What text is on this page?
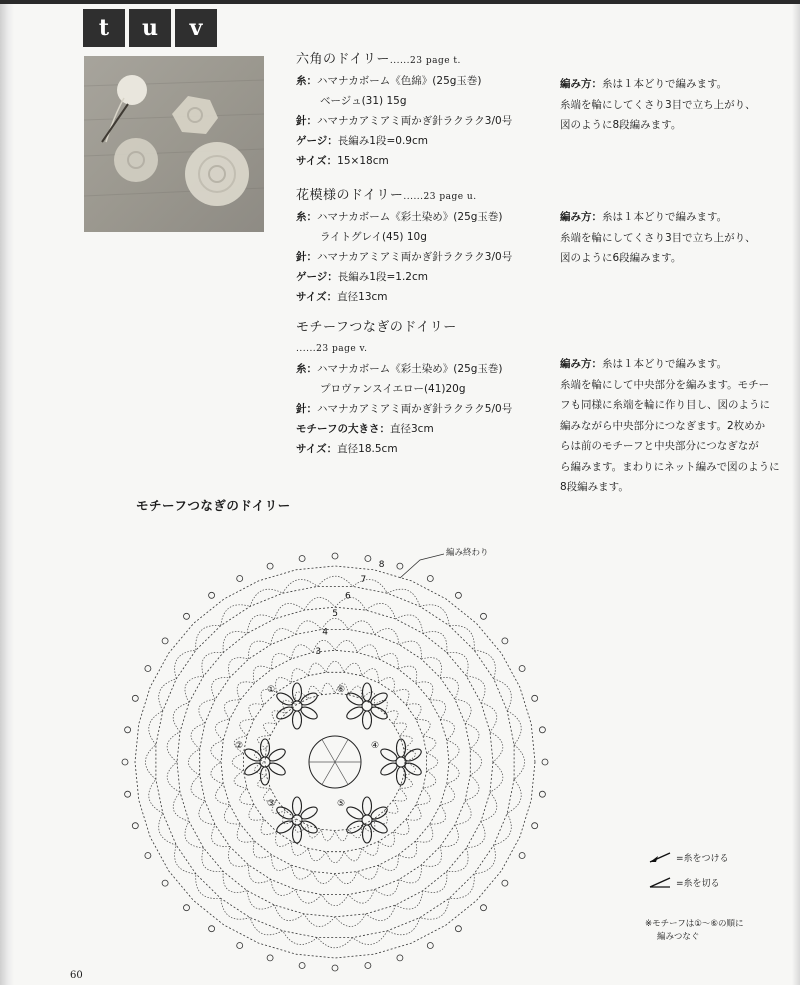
t	u	v
六角のドイリー......23 page t.
糸：ハマナカボーム《色綿》(25g玉巻)
ベージュ(31) 15g
針：ハマナカアミアミ両かぎ針ラクラク3/0号
ゲージ：長編み1段=0.9cm
サイズ：15×18cm
編み方：糸は１本どりで編みます。
糸端を輪にしてくさり3目で立ち上がり、
図のように8段編みます。
花模様のドイリー......23 page u.
糸：ハマナカボーム《彩土染め》(25g玉巻)
ライトグレイ(45) 10g
針：ハマナカアミアミ両かぎ針ラクラク3/0号
ゲージ：長編み1段=1.2cm
サイズ：直径13cm
編み方：糸は１本どりで編みます。
糸端を輪にしてくさり3目で立ち上がり、
図のように6段編みます。
モチーフつなぎのドイリー
......23 page v.
糸：ハマナカボーム《彩土染め》(25g玉巻)
プロヴァンスイエロー(41)20g
針：ハマナカアミアミ両かぎ針ラクラク5/0号
モチーフの大きさ：直径3cm
サイズ：直径18.5cm
編み方：糸は１本どりで編みます。
糸端を輪にして中央部分を編みます。モチー
フも同様に糸端を輪に作り目し、図のように
編みながら中央部分につなぎます。2枚めか
らは前のモチーフと中央部分につなぎなが
ら編みます。まわりにネット編みで図のように
8段編みます。
モチーフつなぎのドイリー
編み終わり
①	⑥
②	④
③	⑤
3
4
5
6
7
8
=糸をつける
=糸を切る
※モチーフは①～⑥の順に
編みつなぐ
60
